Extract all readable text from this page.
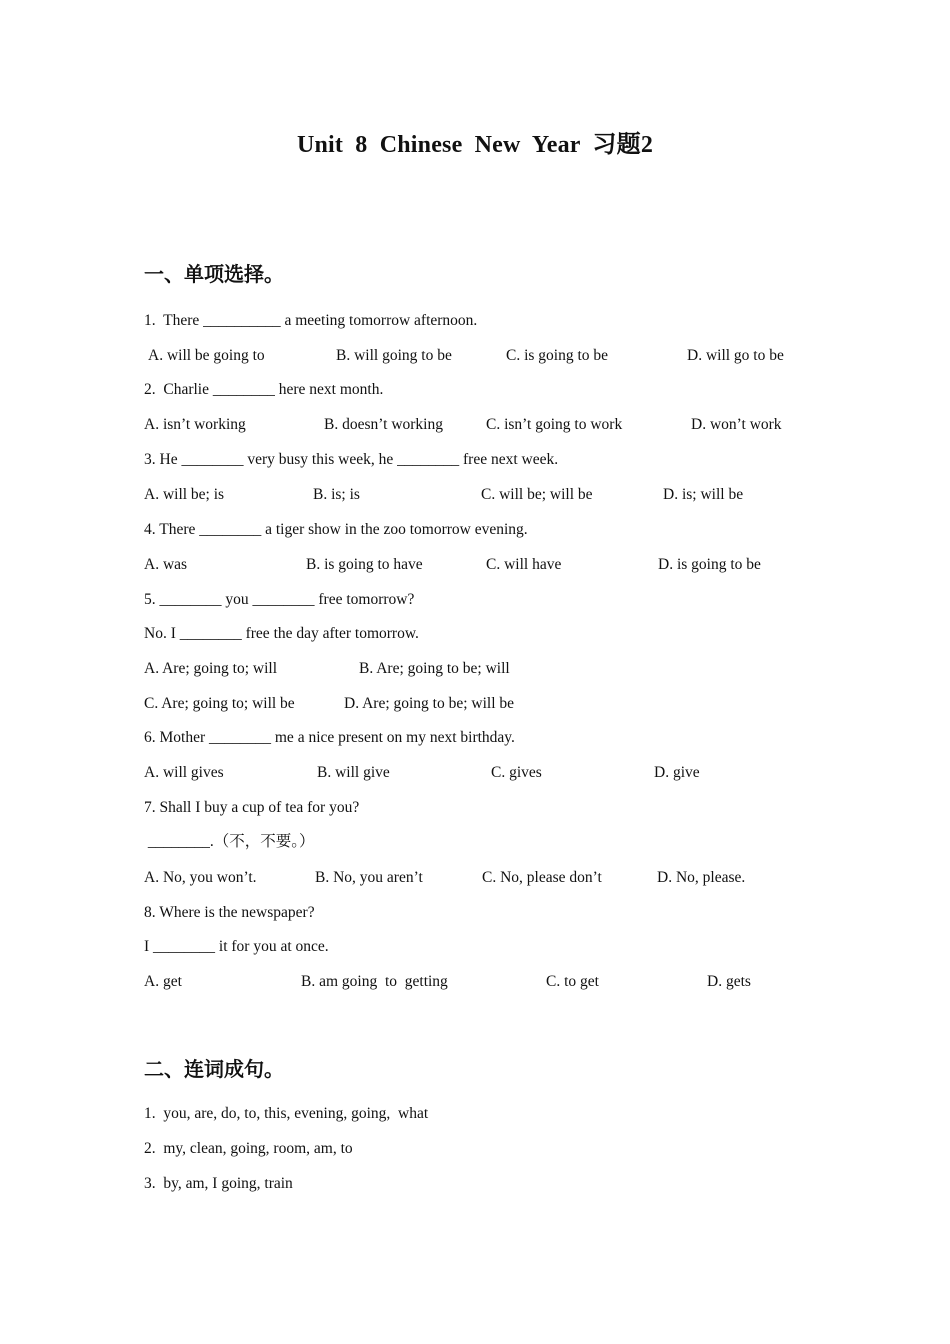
Unit 8 Chinese New Year 习题2
一、单项选择。
1.  There __________ a meeting tomorrow afternoon.
A. will be going to	B. will going to be	C. is going to be	D. will go to be
2.  Charlie ________ here next month.
A. isn’t working	B. doesn’t working	C. isn’t going to work	D. won’t work
3. He ________ very busy this week, he ________ free next week.
A. will be; is	B. is; is	C. will be; will be	D. is; will be
4. There ________ a tiger show in the zoo tomorrow evening.
A. was	B. is going to have	C. will have	D. is going to be
5. ________ you ________ free tomorrow?
No. I ________ free the day after tomorrow.
A. Are; going to; will	B. Are; going to be; will
C. Are; going to; will be	D. Are; going to be; will be
6. Mother ________ me a nice present on my next birthday.
A. will gives	B. will give	C. gives	D. give
7. Shall I buy a cup of tea for you?
________.（不，不要。）
A. No, you won’t.	B. No, you aren’t	C. No, please don’t	D. No, please.
8. Where is the newspaper?
I ________ it for you at once.
A. get	B. am going  to  getting	C. to get	D. gets
二、连词成句。
1.  you, are, do, to, this, evening, going,  what
2.  my, clean, going, room, am, to
3.  by, am, I going, train
